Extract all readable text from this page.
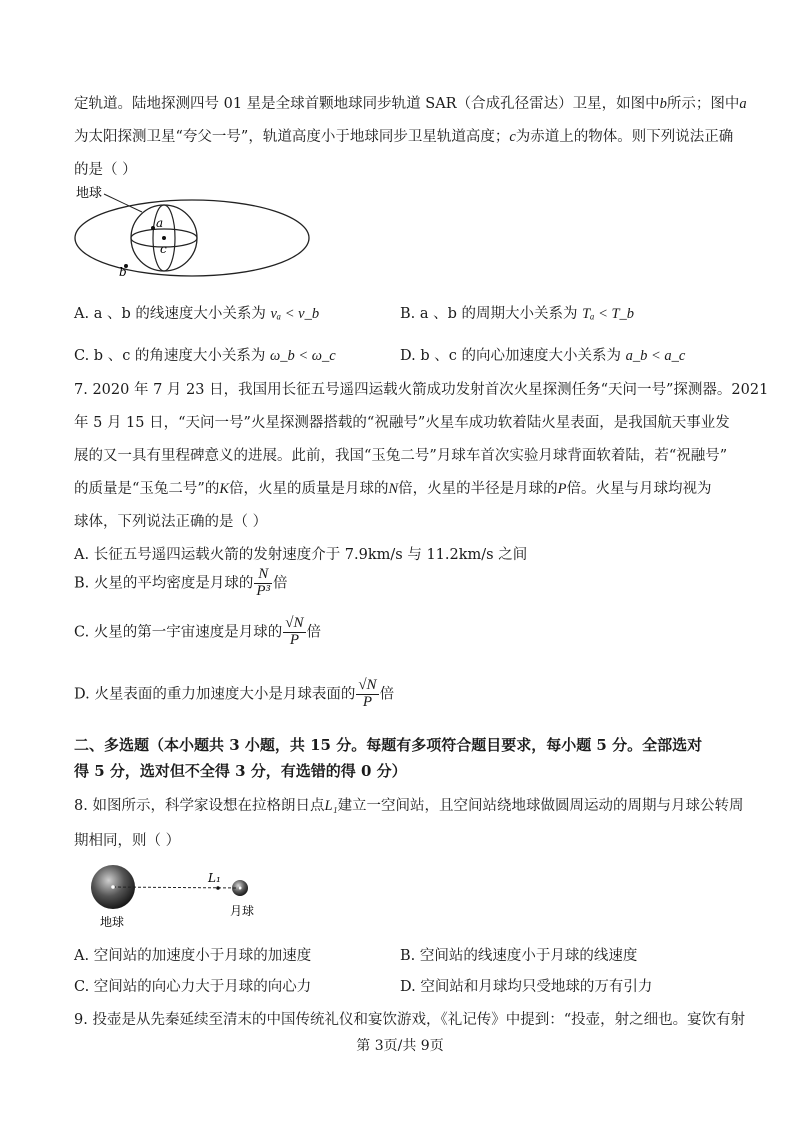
定轨道。陆地探测四号 01 星是全球首颗地球同步轨道 SAR（合成孔径雷达）卫星，如图中b所示；图中a
为太阳探测卫星“夸父一号”，轨道高度小于地球同步卫星轨道高度；c为赤道上的物体。则下列说法正确
的是（ ）
地球
a
c
b
A. a 、b 的线速度大小关系为 vₐ < v_b	B. a 、b 的周期大小关系为 Tₐ < T_b
C. b 、c 的角速度大小关系为 ω_b < ω_c	D. b 、c 的向心加速度大小关系为 a_b < a_c
7. 2020 年 7 月 23 日，我国用长征五号遥四运载火箭成功发射首次火星探测任务“天问一号”探测器。2021
年 5 月 15 日，“天问一号”火星探测器搭载的“祝融号”火星车成功软着陆火星表面，是我国航天事业发
展的又一具有里程碑意义的进展。此前，我国“玉兔二号”月球车首次实验月球背面软着陆，若“祝融号”
的质量是“玉兔二号”的K倍，火星的质量是月球的N倍，火星的半径是月球的P倍。火星与月球均视为
球体，下列说法正确的是（ ）
A. 长征五号遥四运载火箭的发射速度介于 7.9km/s 与 11.2km/s 之间
B. 火星的平均密度是月球的 $\frac{N}{\text{P³}}$ 倍
C. 火星的第一宇宙速度是月球的 $\frac{√N}{P}$ 倍
D. 火星表面的重力加速度大小是月球表面的 $\frac{√N}{P}$ 倍
二、多选题（本小题共 3 小题，共 15 分。每题有多项符合题目要求，每小题 5 分。全部选对
得 5 分，选对但不全得 3 分，有选错的得 0 分）
8. 如图所示，科学家设想在拉格朗日点L₁建立一空间站，且空间站绕地球做圆周运动的周期与月球公转周
期相同，则（ ）
L₁
地球
月球
A. 空间站的加速度小于月球的加速度	B. 空间站的线速度小于月球的线速度
C. 空间站的向心力大于月球的向心力	D. 空间站和月球均只受地球的万有引力
9. 投壶是从先秦延续至清末的中国传统礼仪和宴饮游戏，《礼记传》中提到：“投壶，射之细也。宴饮有射
第 3页/共 9页
